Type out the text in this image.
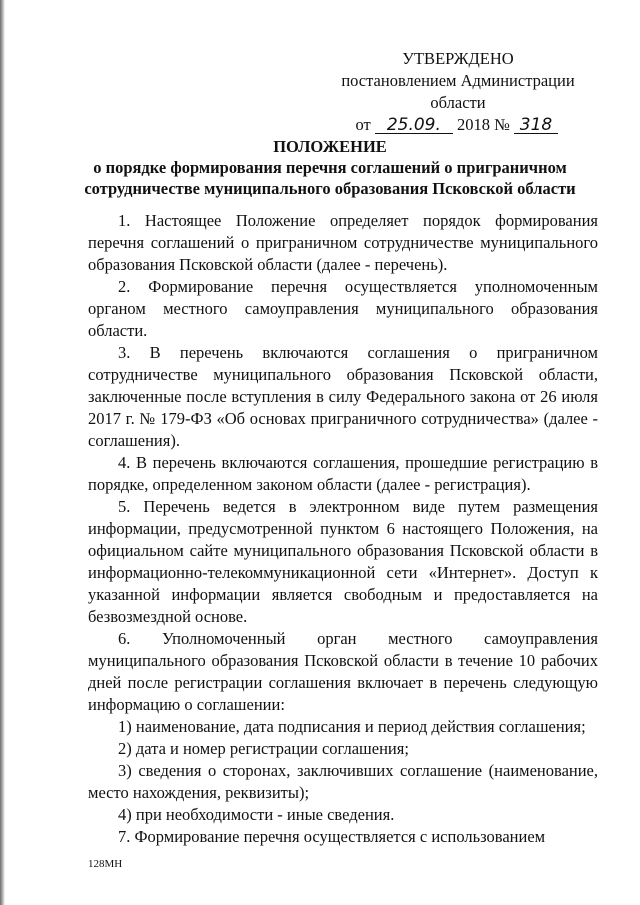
УТВЕРЖДЕНО
постановлением Администрации области
от 25.09. 2018 № 318
ПОЛОЖЕНИЕ
о порядке формирования перечня соглашений о приграничном сотрудничестве муниципального образования Псковской области

1. Настоящее Положение определяет порядок формирования перечня соглашений о приграничном сотрудничестве муниципального образования Псковской области (далее - перечень).

2. Формирование перечня осуществляется уполномоченным органом местного самоуправления муниципального образования области.

3. В перечень включаются соглашения о приграничном сотрудничестве муниципального образования Псковской области, заключенные после вступления в силу Федерального закона от 26 июля 2017 г. № 179-ФЗ «Об основах приграничного сотрудничества» (далее - соглашения).

4. В перечень включаются соглашения, прошедшие регистрацию в порядке, определенном законом области (далее - регистрация).

5. Перечень ведется в электронном виде путем размещения информации, предусмотренной пунктом 6 настоящего Положения, на официальном сайте муниципального образования Псковской области в информационно-телекоммуникационной сети «Интернет». Доступ к указанной информации является свободным и предоставляется на безвозмездной основе.

6. Уполномоченный орган местного самоуправления муниципального образования Псковской области в течение 10 рабочих дней после регистрации соглашения включает в перечень следующую информацию о соглашении:

1) наименование, дата подписания и период действия соглашения;

2) дата и номер регистрации соглашения;

3) сведения о сторонах, заключивших соглашение (наименование, место нахождения, реквизиты);

4) при необходимости - иные сведения.

7. Формирование перечня осуществляется с использованием

128МН
